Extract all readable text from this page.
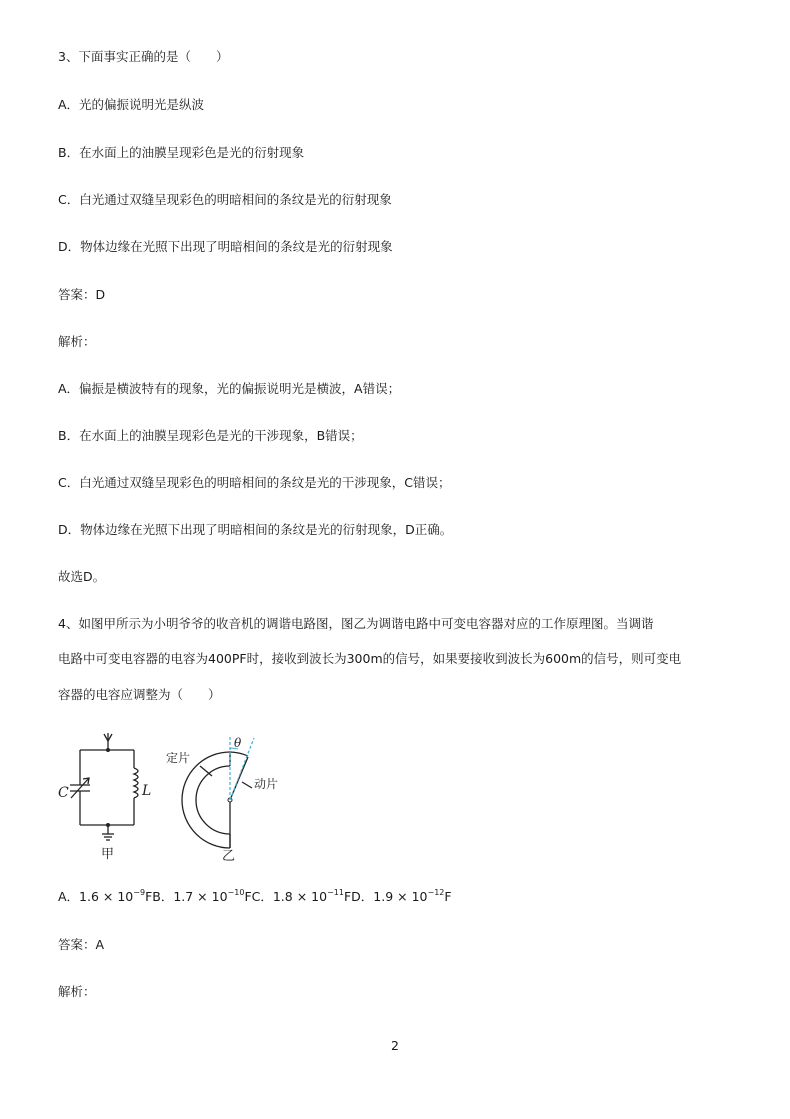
3、下面事实正确的是（　　）
A．光的偏振说明光是纵波
B．在水面上的油膜呈现彩色是光的衍射现象
C．白光通过双缝呈现彩色的明暗相间的条纹是光的衍射现象
D．物体边缘在光照下出现了明暗相间的条纹是光的衍射现象
答案：D
解析：
A．偏振是横波特有的现象，光的偏振说明光是横波，A错误；
B．在水面上的油膜呈现彩色是光的干涉现象，B错误；
C．白光通过双缝呈现彩色的明暗相间的条纹是光的干涉现象，C错误；
D．物体边缘在光照下出现了明暗相间的条纹是光的衍射现象，D正确。
故选D。
4、如图甲所示为小明爷爷的收音机的调谐电路图，图乙为调谐电路中可变电容器对应的工作原理图。当调谐
电路中可变电容器的电容为400PF时，接收到波长为300m的信号，如果要接收到波长为600m的信号，则可变电
容器的电容应调整为（　　）
C	L
甲
θ
定片
动片
乙
A．$1.6 \times 10^{-9}FB$．$1.7 \times 10^{-10}FC$．$1.8 \times 10^{-11}FD$．$1.9 \times 10^{-12}F$
答案：A
解析：
2
